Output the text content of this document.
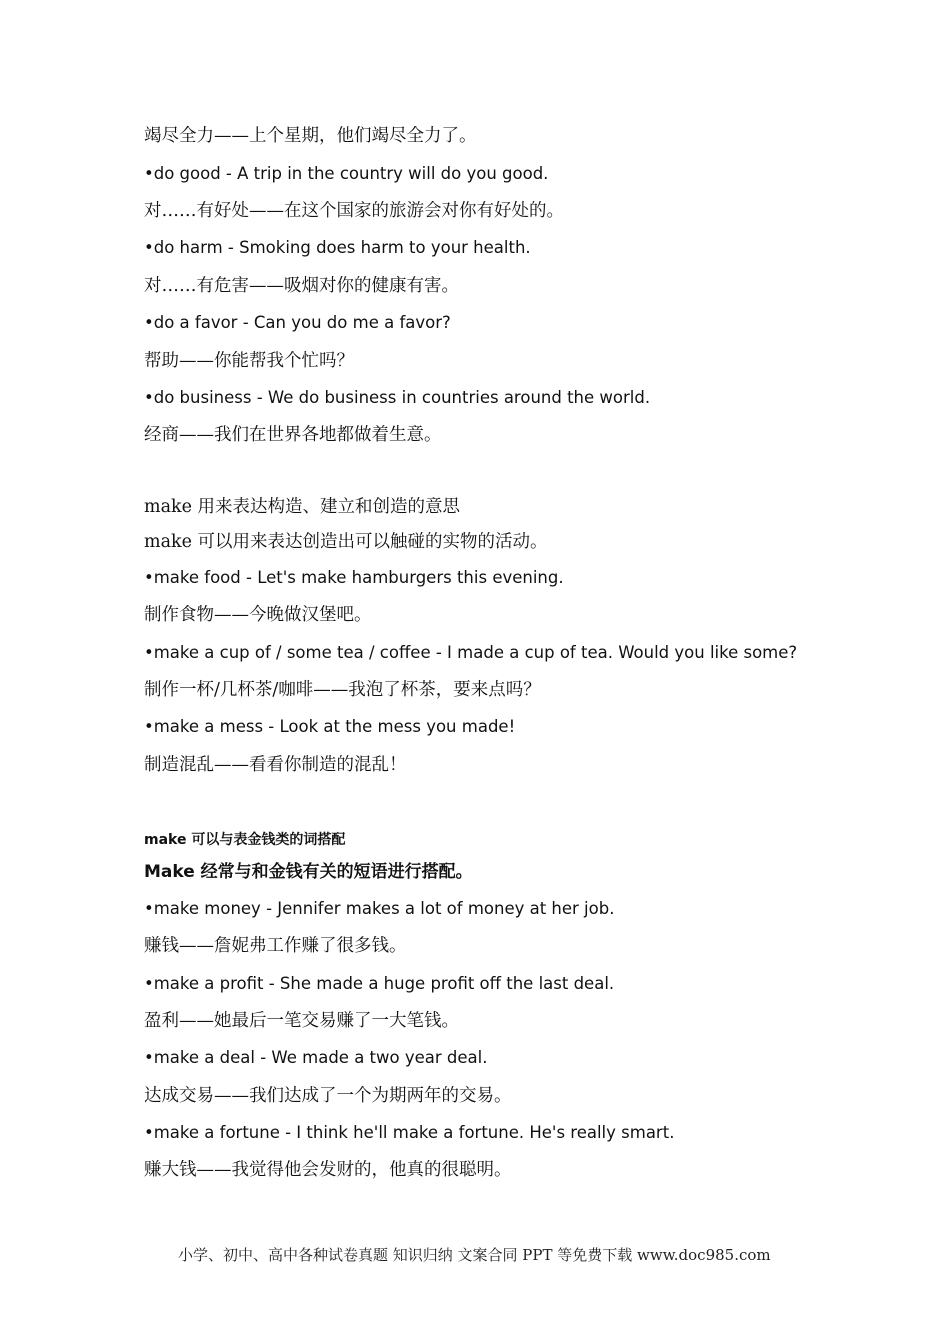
竭尽全力——上个星期，他们竭尽全力了。
•do good - A trip in the country will do you good.
对……有好处——在这个国家的旅游会对你有好处的。
•do harm - Smoking does harm to your health.
对……有危害——吸烟对你的健康有害。
•do a favor - Can you do me a favor?
帮助——你能帮我个忙吗？
•do business - We do business in countries around the world.
经商——我们在世界各地都做着生意。
make 用来表达构造、建立和创造的意思
make 可以用来表达创造出可以触碰的实物的活动。
•make food - Let's make hamburgers this evening.
制作食物——今晚做汉堡吧。
•make a cup of / some tea / coffee - I made a cup of tea. Would you like some?
制作一杯/几杯茶/咖啡——我泡了杯茶，要来点吗？
•make a mess - Look at the mess you made!
制造混乱——看看你制造的混乱！
make 可以与表金钱类的词搭配
Make 经常与和金钱有关的短语进行搭配。
•make money - Jennifer makes a lot of money at her job.
赚钱——詹妮弗工作赚了很多钱。
•make a profit - She made a huge profit off the last deal.
盈利——她最后一笔交易赚了一大笔钱。
•make a deal - We made a two year deal.
达成交易——我们达成了一个为期两年的交易。
•make a fortune - I think he'll make a fortune. He's really smart.
赚大钱——我觉得他会发财的，他真的很聪明。
小学、初中、高中各种试卷真题 知识归纳 文案合同 PPT 等免费下载 www.doc985.com
